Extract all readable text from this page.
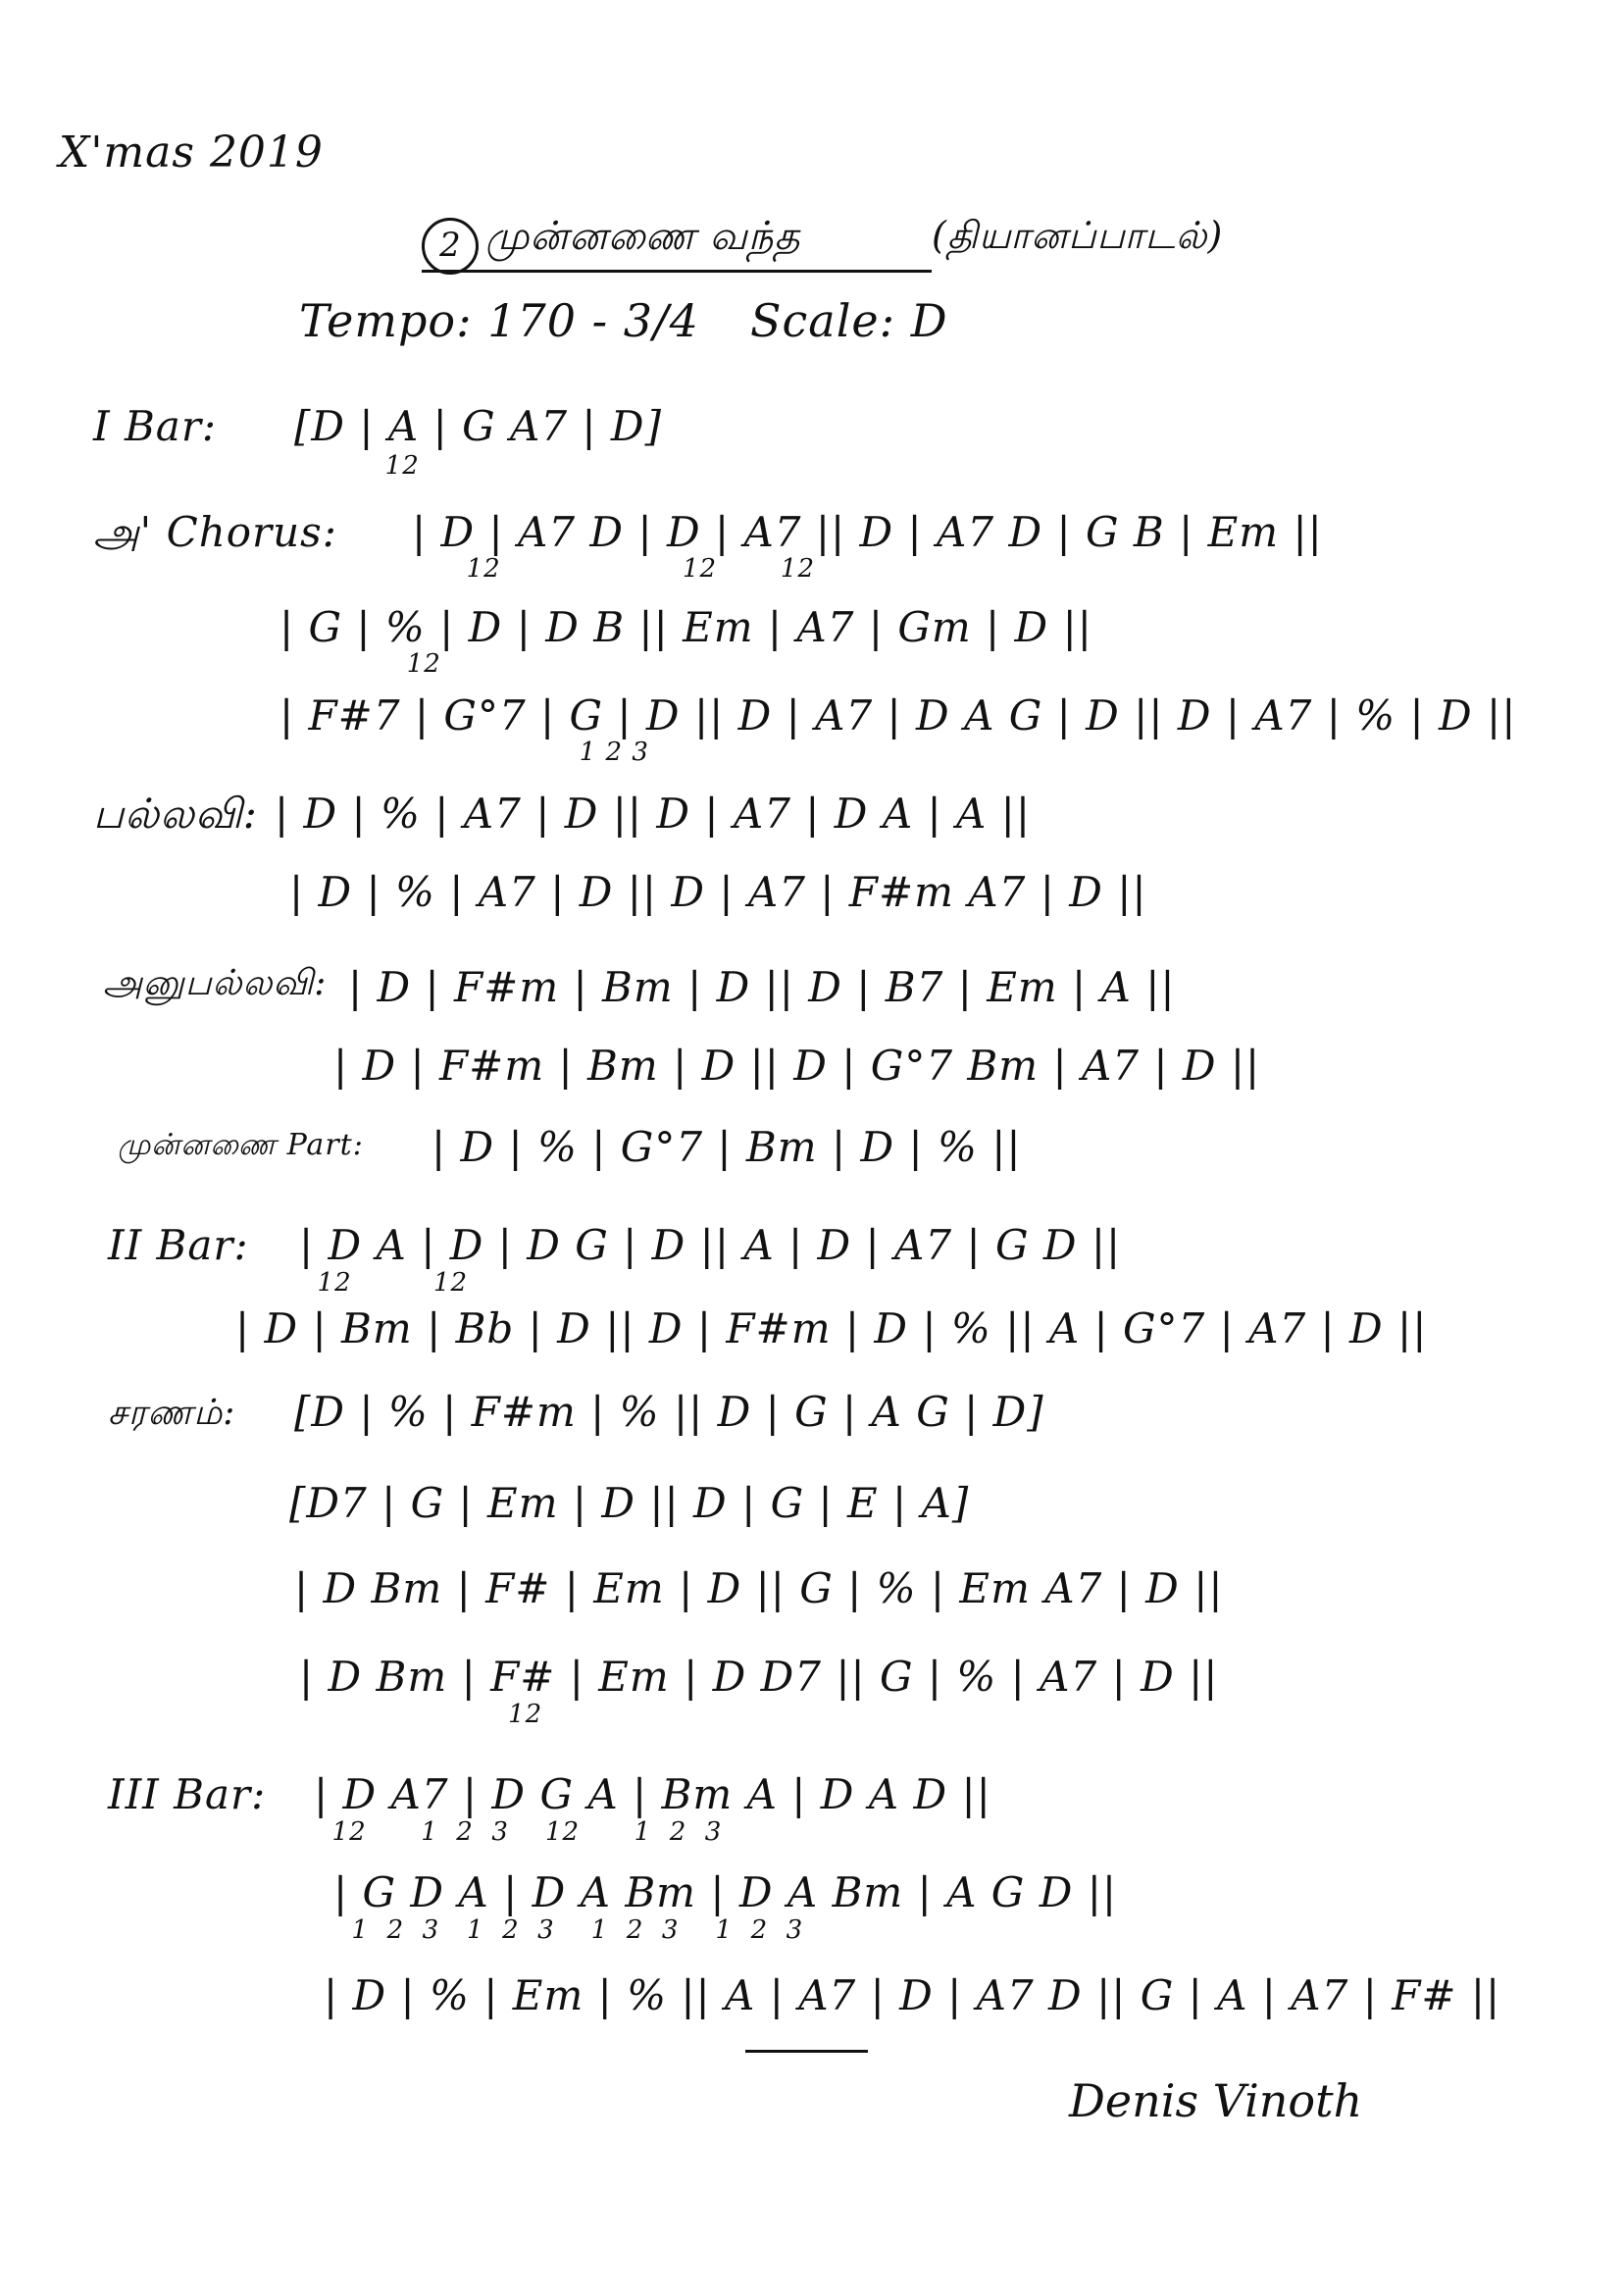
X'mas 2019
2 முன்னணை வந்த	(தியானப்பாடல்)
Tempo: 170 - 3/4 Scale: D
I Bar: [D | A | G A7 | D]
12
அ' Chorus: | D | A7 D | D | A7 || D | A7 D | G B | Em ||
12                    12       12
| G | % | D | D B || Em | A7 | Gm | D ||
12
| F#7 | G°7 | G | D || D | A7 | D A G | D || D | A7 | % | D ||
1 2 3
பல்லவி: | D | % | A7 | D || D | A7 | D A | A ||
| D | % | A7 | D || D | A7 | F#m A7 | D ||
அனுபல்லவி: | D | F#m | Bm | D || D | B7 | Em | A ||
| D | F#m | Bm | D || D | G°7 Bm | A7 | D ||
முன்னணை Part: | D | % | G°7 | Bm | D | % ||
II Bar: | D A | D | D G | D || A | D | A7 | G D ||
12         12
| D | Bm | Bb | D || D | F#m | D | % || A | G°7 | A7 | D ||
சரணம்: [D | % | F#m | % || D | G | A G | D]
[D7 | G | Em | D || D | G | E | A]
| D Bm | F# | Em | D || G | % | Em A7 | D ||
| D Bm | F# | Em | D D7 || G | % | A7 | D ||
12
III Bar: | D A7 | D G A | Bm A | D A D ||
12      1  2  3    12      1  2  3
| G D A | D A Bm | D A Bm | A G D ||
1  2  3   1  2  3    1  2  3    1  2  3
| D | % | Em | % || A | A7 | D | A7 D || G | A | A7 | F# ||
Denis Vinoth
